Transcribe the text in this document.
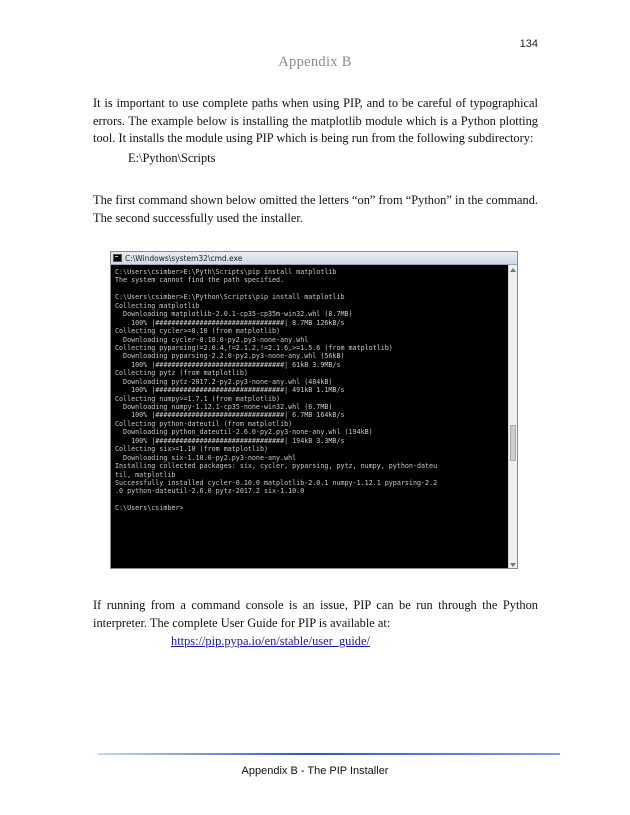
134
Appendix B

It is important to use complete paths when using PIP, and to be careful of typographical errors. The example below is installing the matplotlib module which is a Python plotting tool. It installs the module using PIP which is being run from the following subdirectory:

E:\Python\Scripts

The first command shown below omitted the letters “on” from “Python” in the command. The second successfully used the installer.

C:\Windows\system32\cmd.exe
C:\Users\csimber>E:\Pyth\Scripts\pip install matplotlib
The system cannot find the path specified.
C:\Users\csimber>E:\Python\Scripts\pip install matplotlib
Collecting matplotlib
Downloading matplotlib-2.0.1-cp35-cp35m-win32.whl (8.7MB)
100% |################################| 8.7MB 126kB/s
Collecting cycler>=0.10 (from matplotlib)
Downloading cycler-0.10.0-py2.py3-none-any.whl
Collecting pyparsing!=2.0.4,!=2.1.2,!=2.1.6,>=1.5.6 (from matplotlib)
Downloading pyparsing-2.2.0-py2.py3-none-any.whl (56kB)
100% |################################| 61kB 3.9MB/s
Collecting pytz (from matplotlib)
Downloading pytz-2017.2-py2.py3-none-any.whl (484kB)
100% |################################| 491kB 1.1MB/s
Collecting numpy>=1.7.1 (from matplotlib)
Downloading numpy-1.12.1-cp35-none-win32.whl (6.7MB)
100% |################################| 6.7MB 164kB/s
Collecting python-dateutil (from matplotlib)
Downloading python_dateutil-2.6.0-py2.py3-none-any.whl (194kB)
100% |################################| 194kB 3.3MB/s
Collecting six>=1.10 (from matplotlib)
Downloading six-1.10.0-py2.py3-none-any.whl
Installing collected packages: six, cycler, pyparsing, pytz, numpy, python-dateu
til, matplotlib
Successfully installed cycler-0.10.0 matplotlib-2.0.1 numpy-1.12.1 pyparsing-2.2
.0 python-dateutil-2.6.0 pytz-2017.2 six-1.10.0
C:\Users\csimber>

If running from a command console is an issue, PIP can be run through the Python interpreter. The complete User Guide for PIP is available at:

https://pip.pypa.io/en/stable/user_guide/
Appendix B - The PIP Installer
